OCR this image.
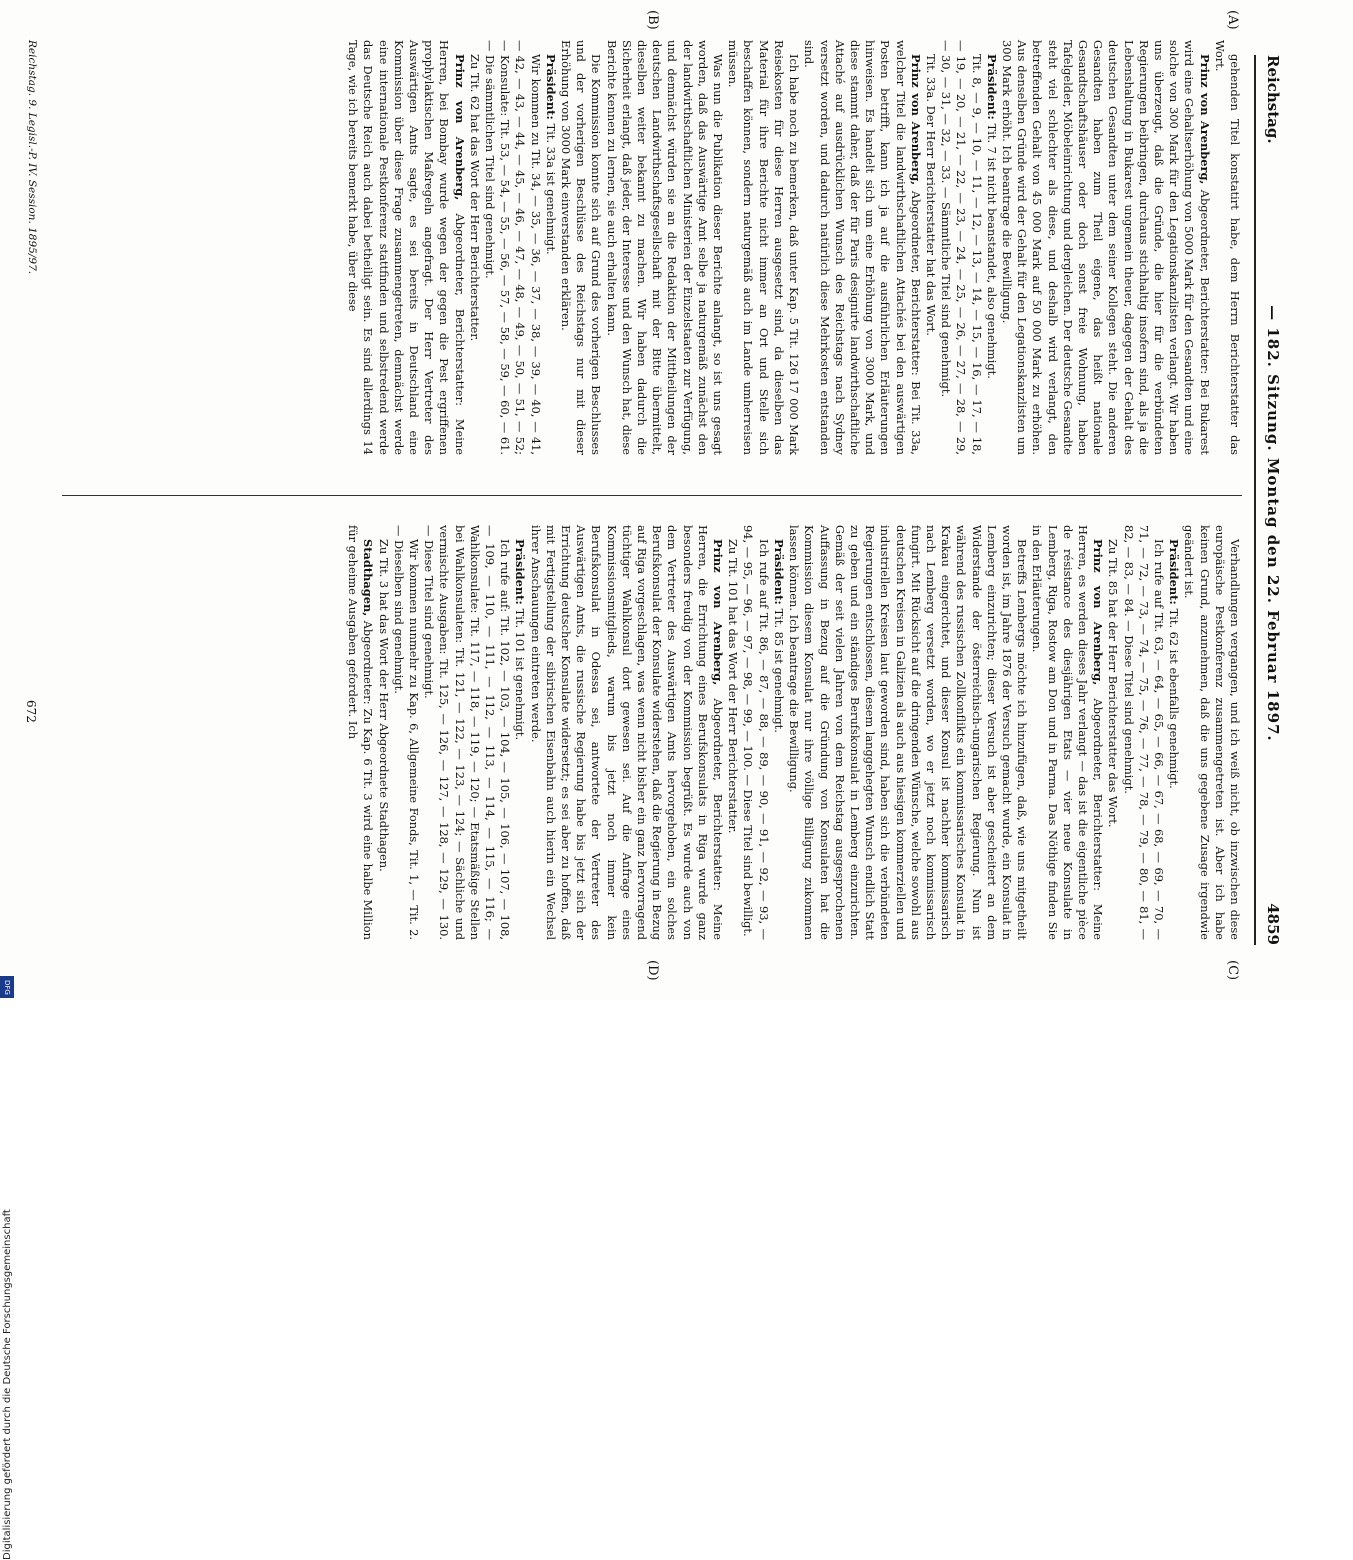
Digitalisierung gefördert durch die Deutsche Forschungsgemeinschaft
DFG
Reichstag.
— 182. Sitzung. Montag den 22. Februar 1897.
4859
(A)
(B)
(C)
(D)

gehenden Titel konstatirt habe, dem Herrn Berichterstatter das Wort.

Prinz von Arenberg, Abgeordneter, Berichterstatter: Bei Bukarest wird eine Gehaltserhöhung von 5000 Mark für den Gesandten und eine solche von 300 Mark für den Legationskanzlisten verlangt. Wir haben uns überzeugt, daß die Gründe, die hier für die verbündeten Regierungen beibringen, durchaus stichhaltig insofern sind, als ja die Lebenshaltung in Bukarest ungemein theuer, dagegen der Gehalt des deutschen Gesandten unter dem seiner Kollegen steht. Die anderen Gesandten haben zum Theil eigene, das heißt nationale Gesandtschaftshäuser oder doch sonst freie Wohnung, haben Tafelgelder, Möbeleinrichtung und dergleichen. Der deutsche Gesandte steht viel schlechter als diese, und deshalb wird verlangt, den betreffenden Gehalt von 45 000 Mark auf 50 000 Mark zu erhöhen. Aus denselben Gründe wird der Gehalt für den Legationskanzlisten um 300 Mark erhöht. Ich beantrage die Bewilligung.

Präsident: Tit. 7 ist nicht beanstandet, also genehmigt.

Tit. 8, — 9, — 10, — 11, — 12, — 13, — 14, — 15, — 16, — 17, — 18, — 19, — 20, — 21, — 22, — 23, — 24, — 25, — 26, — 27, — 28, — 29, — 30, — 31, — 32, — 33. — Sämmtliche Titel sind genehmigt.

Tit. 33a. Der Herr Berichterstatter hat das Wort.

Prinz von Arenberg, Abgeordneter, Berichterstatter: Bei Tit. 33a, welcher Titel die landwirthschaftlichen Attachés bei den auswärtigen Posten betrifft, kann ich ja auf die ausführlichen Erläuterungen hinweisen. Es handelt sich um eine Erhöhung von 3000 Mark, und diese stammt daher, daß der für Paris designirte landwirthschaftliche Attaché auf ausdrücklichen Wunsch des Reichstags nach Sydney versetzt worden, und dadurch natürlich diese Mehrkosten entstanden sind.

Ich habe noch zu bemerken, daß unter Kap. 5 Tit. 126 17 000 Mark Reisekosten für diese Herren ausgesetzt sind, da dieselben das Material für ihre Berichte nicht immer an Ort und Stelle sich beschaffen können, sondern naturgemäß auch im Lande umherreisen müssen.

Was nun die Publikation dieser Berichte anlangt, so ist uns gesagt worden, daß das Auswärtige Amt selbe ja naturgemäß zunächst den der landwirthschaftlichen Ministerien der Einzelstaaten zur Verfügung, und demnächst würden sie an die Redaktion der Mittheilungen der deutschen Landwirthschaftsgesellschaft mit der Bitte übermittelt, dieselben weiter bekannt zu machen. Wir haben dadurch die Sicherheit erlangt, daß jeder, der Interesse und den Wunsch hat, diese Berichte kennen zu lernen, sie auch erhalten kann.

Die Kommission konnte sich auf Grund des vorherigen Beschlusses und der vorherigen Beschlüsse des Reichstags nur mit dieser Erhöhung von 3000 Mark einverstanden erklären.

Präsident: Tit. 33a ist genehmigt.

Wir kommen zu Tit. 34, — 35, — 36, — 37, — 38, — 39, — 40, — 41, — 42, — 43, — 44, — 45, — 46, — 47, — 48, — 49, — 50, — 51, — 52; — Konsulate: Tit. 53, — 54, — 55, — 56, — 57, — 58, — 59, — 60, — 61. — Die sämmtlichen Titel sind genehmigt.

Zu Tit. 62 hat das Wort der Herr Berichterstatter.

Prinz von Arenberg, Abgeordneter, Berichterstatter: Meine Herren, bei Bombay wurde wegen der gegen die Pest ergriffenen prophylaktischen Maßregeln angefragt. Der Herr Vertreter des Auswärtigen Amts sagte, es sei bereits in Deutschland eine Kommission über diese Frage zusammengetreten, demnächst werde eine internationale Pestkonferenz stattfinden und selbstredend werde das Deutsche Reich auch dabei betheiligt sein. Es sind allerdings 14 Tage, wie ich bereits bemerkt habe, über diese

Verhandlungen vergangen, und ich weiß nicht, ob inzwischen diese europäische Pestkonferenz zusammengetreten ist. Aber ich habe keinen Grund, anzunehmen, daß die uns gegebene Zusage irgendwie geändert ist.

Präsident: Tit. 62 ist ebenfalls genehmigt.

Ich rufe auf Tit. 63, — 64, — 65, — 66, — 67, — 68, — 69, — 70, — 71, — 72, — 73, — 74, — 75, — 76, — 77, — 78, — 79, — 80, — 81, — 82, — 83, — 84. — Diese Titel sind genehmigt.

Zu Tit. 85 hat der Herr Berichterstatter das Wort.

Prinz von Arenberg, Abgeordneter, Berichterstatter: Meine Herren, es werden dieses Jahr verlangt — das ist die eigentliche pièce de résistance des diesjährigen Etats — vier neue Konsulate in Lemberg, Riga, Rostow am Don und in Parma. Das Nöthige finden Sie in den Erläuterungen.

Betreffs Lembergs möchte ich hinzufügen, daß, wie uns mitgetheilt worden ist, im Jahre 1876 der Versuch gemacht wurde, ein Konsulat in Lemberg einzurichten; dieser Versuch ist aber gescheitert an dem Widerstande der österreichisch-ungarischen Regierung. Nun ist während des russischen Zollkonflikts ein kommissarisches Konsulat in Krakau eingerichtet, und dieser Konsul ist nachher kommissarisch nach Lemberg versetzt worden, wo er jetzt noch kommissarisch fungirt. Mit Rücksicht auf die dringenden Wünsche, welche sowohl aus deutschen Kreisen in Galizien als auch aus hiesigen kommerziellen und industriellen Kreisen laut geworden sind, haben sich die verbündeten Regierungen entschlossen, diesem langgehegten Wunsch endlich Statt zu geben und ein ständiges Berufskonsulat in Lemberg einzurichten. Gemäß der seit vielen Jahren von dem Reichstag ausgesprochenen Auffassung in Bezug auf die Gründung von Konsulaten hat die Kommission diesem Konsulat nur ihre völlige Billigung zukommen lassen können. Ich beantrage die Bewilligung.

Präsident: Tit. 85 ist genehmigt.

Ich rufe auf Tit. 86, — 87, — 88, — 89, — 90, — 91, — 92, — 93, — 94, — 95, — 96, — 97, — 98, — 99, — 100. — Diese Titel sind bewilligt.

Zu Tit. 101 hat das Wort der Herr Berichterstatter.

Prinz von Arenberg, Abgeordneter, Berichterstatter: Meine Herren, die Errichtung eines Berufskonsulats in Riga wurde ganz besonders freudig von der Kommission begrüßt. Es wurde auch von dem Vertreter des Auswärtigen Amts hervorgehoben, ein solches Berufskonsulat der Konsulate widerstehen, daß die Regierung in Bezug auf Riga vorgeschlagen, was wenn nicht bisher ein ganz hervorragend tüchtiger Wahlkonsul dort gewesen sei. Auf die Anfrage eines Kommissionsmitglieds, warum bis jetzt noch immer kein Berufskonsulat in Odessa sei, antwortete der Vertreter des Auswärtigen Amts, die russische Regierung habe bis jetzt sich der Errichtung deutscher Konsulate widersetzt; es sei aber zu hoffen, daß mit Fertigstellung der sibirischen Eisenbahn auch hierin ein Wechsel ihrer Anschauungen eintreten werde.

Präsident: Tit. 101 ist genehmigt.

Ich rufe auf: Tit. 102, — 103, — 104, — 105, — 106, — 107, — 108, — 109, — 110, — 111, — 112, — 113, — 114, — 115, — 116; — Wahlkonsulate: Tit. 117, — 118, — 119, — 120; — Etatsmäßige Stellen bei Wahlkonsulaten: Tit. 121, — 122, — 123, — 124; — Sächliche und vermischte Ausgaben: Tit. 125, — 126, — 127, — 128, — 129, — 130. — Diese Titel sind genehmigt.

Wir kommen nunmehr zu Kap. 6, Allgemeine Fonds, Tit. 1, — Tit. 2. — Dieselben sind genehmigt.

Zu Tit. 3 hat das Wort der Herr Abgeordnete Stadthagen.

Stadthagen, Abgeordneter: Zu Kap. 6 Tit. 3 wird eine halbe Million für geheime Ausgaben gefordert. Ich

Reichstag. 9. Legisl.-P. IV. Session. 1895/97.
672
